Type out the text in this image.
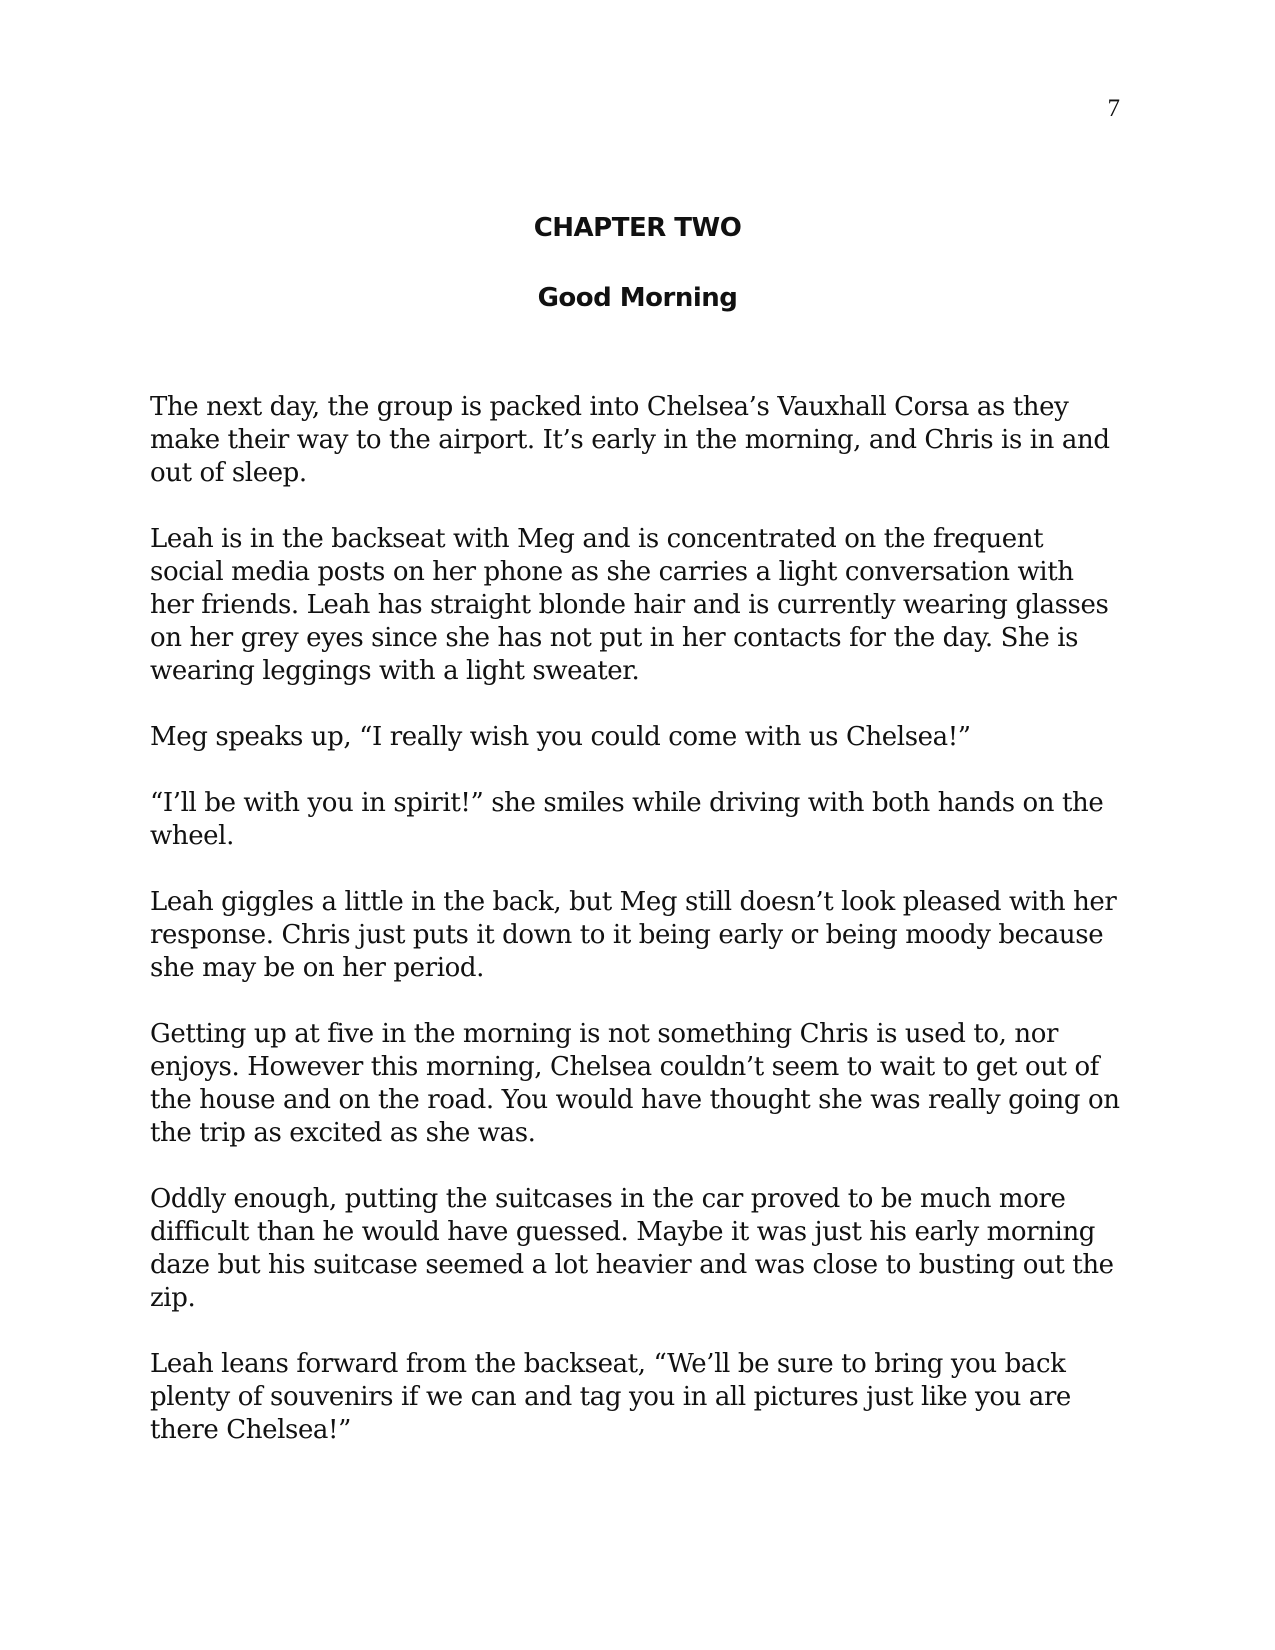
7
CHAPTER TWO
Good Morning

The next day, the group is packed into Chelsea’s Vauxhall Corsa as they make their way to the airport. It’s early in the morning, and Chris is in and out of sleep.

Leah is in the backseat with Meg and is concentrated on the frequent social media posts on her phone as she carries a light conversation with her friends. Leah has straight blonde hair and is currently wearing glasses on her grey eyes since she has not put in her contacts for the day. She is wearing leggings with a light sweater.

Meg speaks up, “I really wish you could come with us Chelsea!”

“I’ll be with you in spirit!” she smiles while driving with both hands on the wheel.

Leah giggles a little in the back, but Meg still doesn’t look pleased with her response. Chris just puts it down to it being early or being moody because she may be on her period.

Getting up at five in the morning is not something Chris is used to, nor enjoys. However this morning, Chelsea couldn’t seem to wait to get out of the house and on the road. You would have thought she was really going on the trip as excited as she was.

Oddly enough, putting the suitcases in the car proved to be much more difficult than he would have guessed. Maybe it was just his early morning daze but his suitcase seemed a lot heavier and was close to busting out the zip.

Leah leans forward from the backseat, “We’ll be sure to bring you back plenty of souvenirs if we can and tag you in all pictures just like you are there Chelsea!”
